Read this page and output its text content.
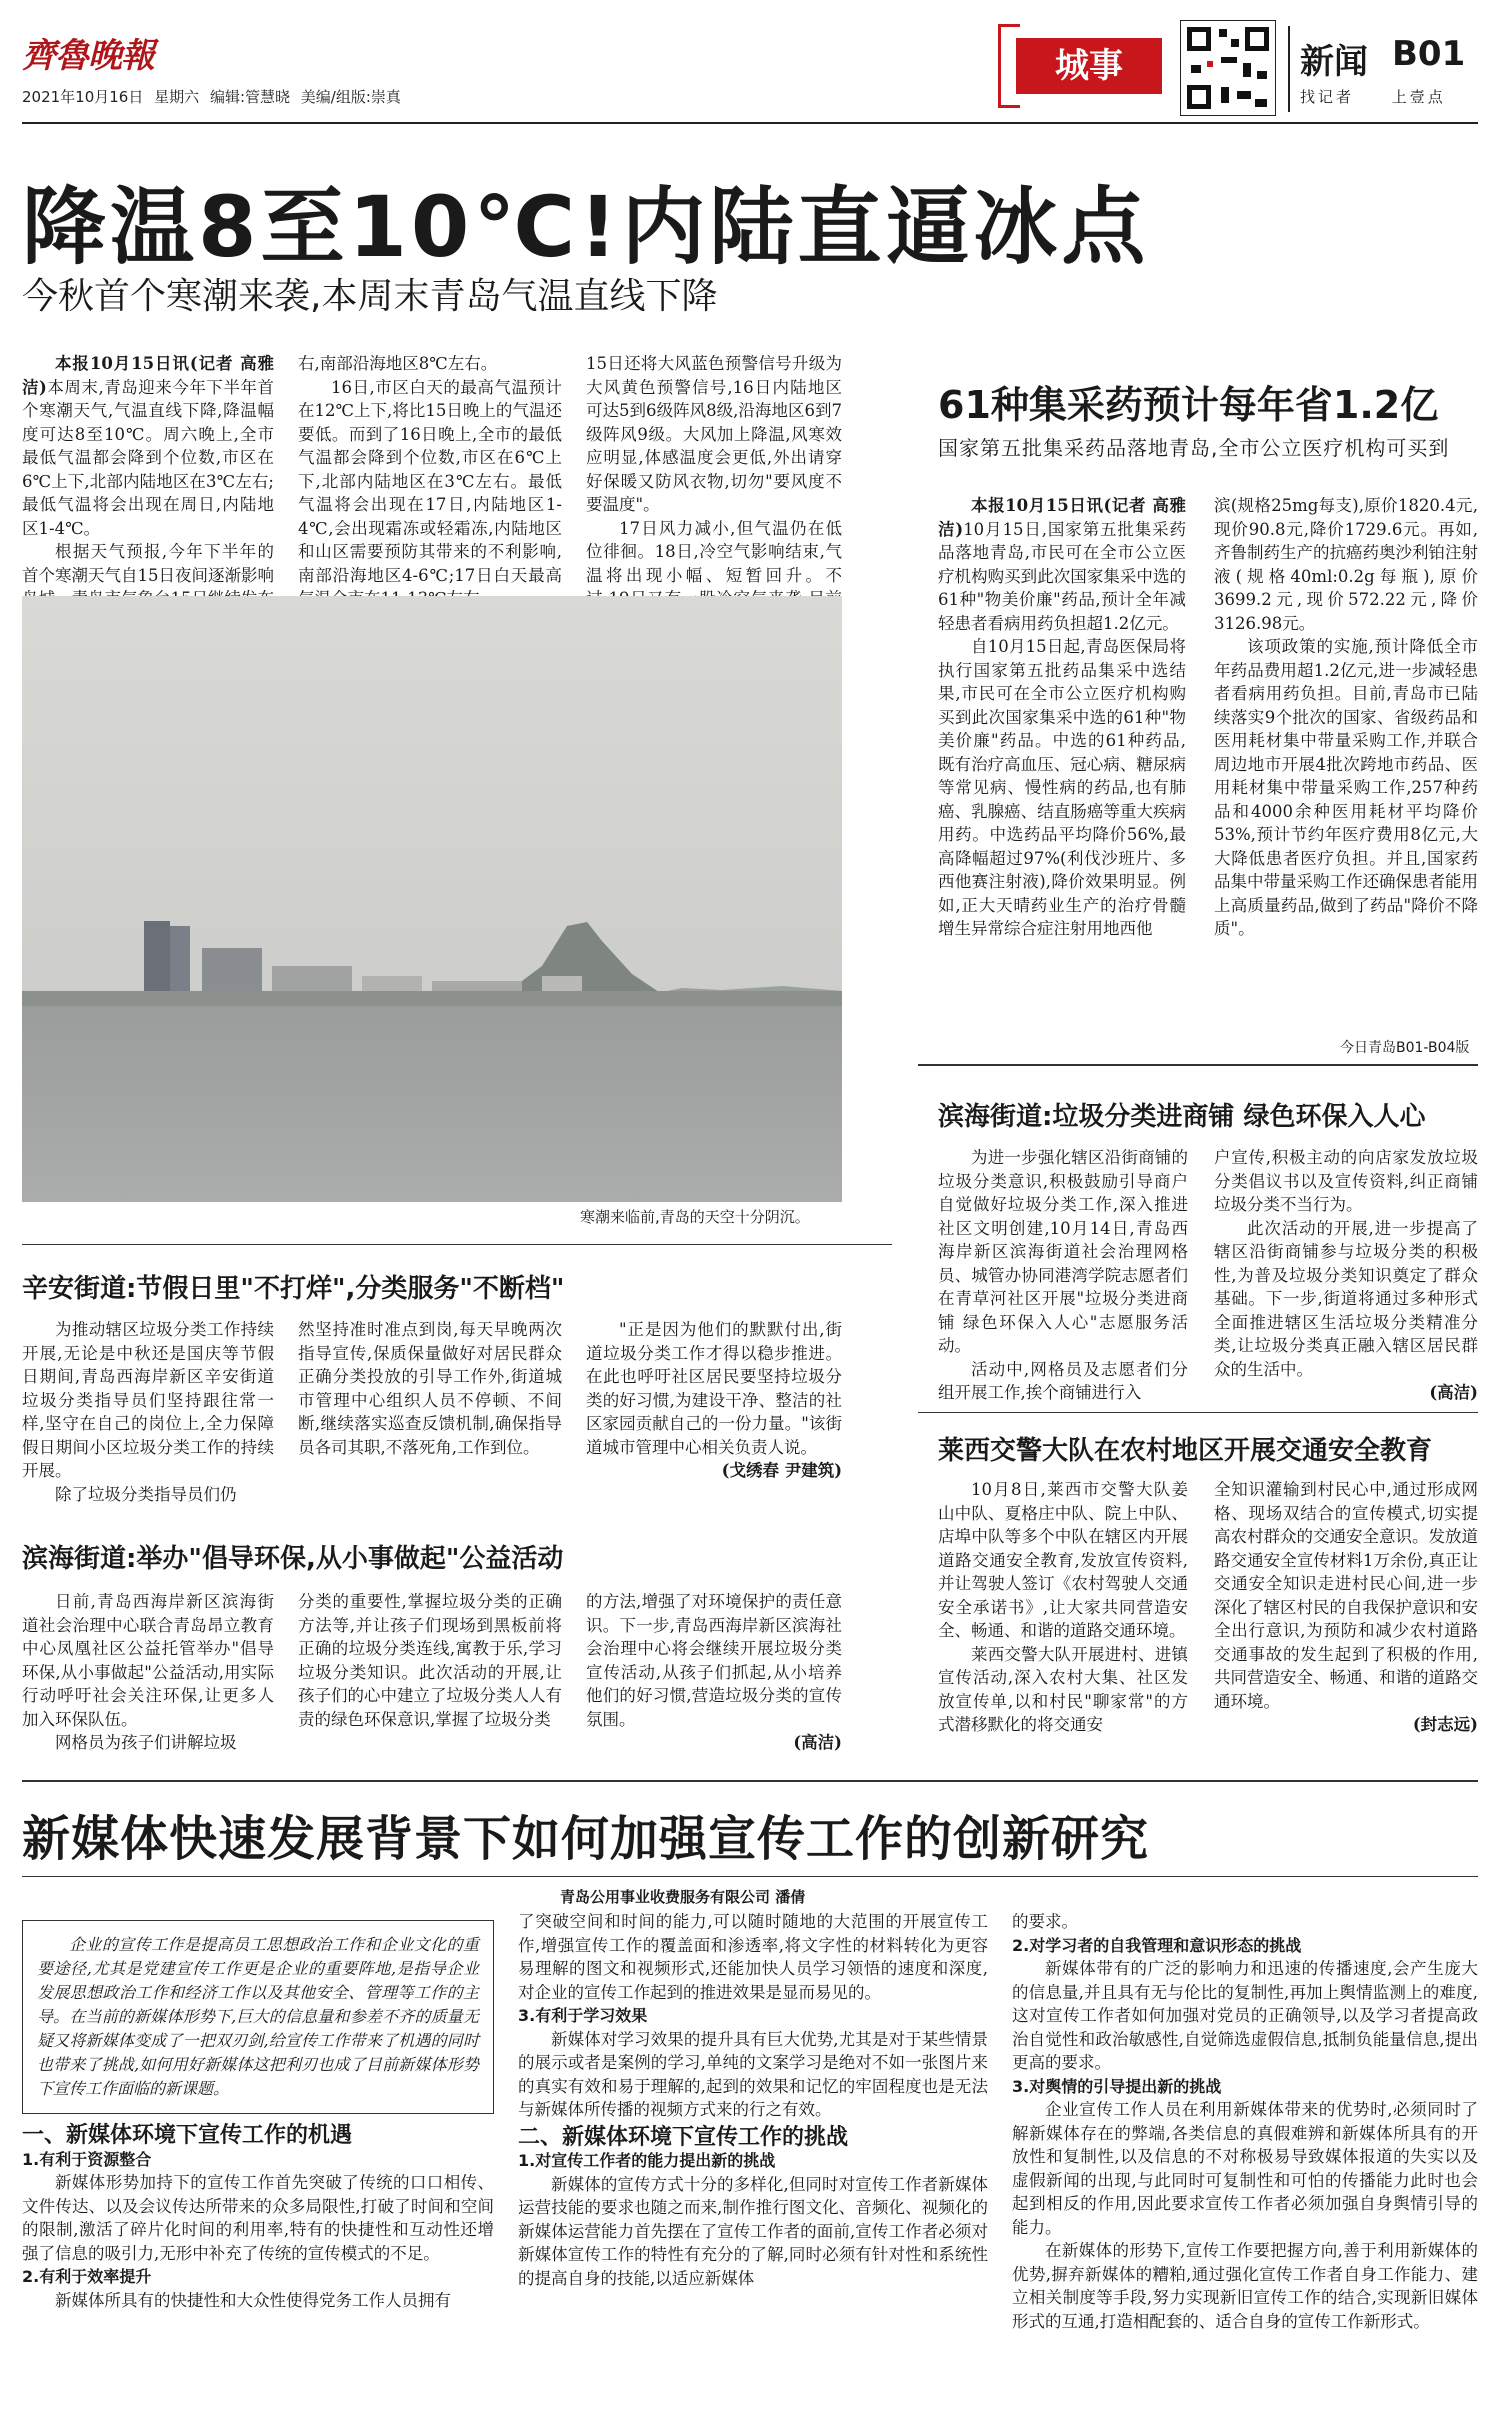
齊魯晚報
2021年10月16日 星期六 编辑:管慧晓 美编/组版:崇真
城事	新闻 B01
找记者	上壹点
降温8至10℃!内陆直逼冰点
今秋首个寒潮来袭,本周末青岛气温直线下降

本报10月15日讯(记者 高雅洁)本周末,青岛迎来今年下半年首个寒潮天气,气温直线下降,降温幅度可达8至10℃。周六晚上,全市最低气温都会降到个位数,市区在6℃上下,北部内陆地区在3℃左右;最低气温将会出现在周日,内陆地区1-4℃。

根据天气预报,今年下半年的首个寒潮天气自15日夜间逐渐影响

右,南部沿海地区8℃左右。

16日,市区白天的最高气温预计在12℃上下,将比15日晚上的气温还要低。而到了16日晚上,全市的最低气温都会降到个位数,市区在6℃上下,北部内陆地区在3℃左右。最低气温将会出现在17日,内陆地区1-4℃,会出现霜冻或轻霜冻,内陆地区和山区需要预防其带来的不利影响,南部沿海地区4-6℃;17日白天最高

15日还将大风蓝色预警信号升级为大风黄色预警信号,16日内陆地区可达5到6级阵风8级,沿海地区6到7级阵风9级。大风加上降温,风寒效应明显,体感温度会更低,外出请穿好保暖又防风衣物,切勿"要风度不要温度"。

17日风力减小,但气温仍在低位徘徊。18日,冷空气影响结束,气温将出现小幅、短暂回升。不

寒潮来临前,青岛的天空十分阴沉。
61种集采药预计每年省1.2亿
国家第五批集采药品落地青岛,全市公立医疗机构可买到

本报10月15日讯(记者 高雅洁)10月15日,国家第五批集采药品落地青岛,市民可在全市公立医疗机构购买到此次国家集采中选的61种"物美价廉"药品,预计全年减轻患者看病用药负担超1.2亿元。

自10月15日起,青岛医保局将执行国家第五批药品集采中选结果,市民可在全市公立医疗机构购买到此次国家集采中选的61种"物美价廉"药品。中选的61种药品,既有治疗高血压、冠心病、糖尿病等常见病、慢性病的药品,也有肺癌、乳腺癌、结直肠癌等重大疾病用药。中选药品平均降价56%,最高降幅超过97%(利伐沙班片、多西他赛注射液),降价效果明显。例如,正大天晴药业生产的治疗骨髓增生异常综合症注射用地西他

滨(规格25mg每支),原价1820.4元,现价90.8元,降价1729.6元。再如,齐鲁制药生产的抗癌药奥沙利铂注射液(规格40ml:0.2g每瓶),原价3699.2元,现价572.22元,降价3126.98元。

该项政策的实施,预计降低全市年药品费用超1.2亿元,进一步减轻患者看病用药负担。目前,青岛市已陆续落实9个批次的国家、省级药品和医用耗材集中带量采购工作,并联合周边地市开展4批次跨地市药品、医用耗材集中带量采购工作,257种药品和4000余种医用耗材平均降价53%,预计节约年医疗费用8亿元,大大降低患者医疗负担。并且,国家药品集中带量采购工作还确保患者能用上高质量药品,做到了药品"降价不降质"。

今日青岛B01-B04版
滨海街道:垃圾分类进商铺 绿色环保入人心

为进一步强化辖区沿街商铺的垃圾分类意识,积极鼓励引导商户自觉做好垃圾分类工作,深入推进社区文明创建,10月14日,青岛西海岸新区滨海街道社会治理网格员、城管办协同港湾学院志愿者们在青草河社区开展"垃圾分类进商铺 绿色环保入人心"志愿服务活动。

活动中,网格员及志愿者们分组开展工作,挨个商铺进行入

户宣传,积极主动的向店家发放垃圾分类倡议书以及宣传资料,纠正商铺垃圾分类不当行为。

此次活动的开展,进一步提高了辖区沿街商铺参与垃圾分类的积极性,为普及垃圾分类知识奠定了群众基础。下一步,街道将通过多种形式全面推进辖区生活垃圾分类精准分类,让垃圾分类真正融入辖区居民群众的生活中。

(高洁)

莱西交警大队在农村地区开展交通安全教育

10月8日,莱西市交警大队姜山中队、夏格庄中队、院上中队、店埠中队等多个中队在辖区内开展道路交通安全教育,发放宣传资料,并让驾驶人签订《农村驾驶人交通安全承诺书》,让大家共同营造安全、畅通、和谐的道路交通环境。

莱西交警大队开展进村、进镇宣传活动,深入农村大集、社区发放宣传单,以和村民"聊家常"的方式潜移默化的将交通安

全知识灌输到村民心中,通过形成网格、现场双结合的宣传模式,切实提高农村群众的交通安全意识。发放道路交通安全宣传材料1万余份,真正让交通安全知识走进村民心间,进一步深化了辖区村民的自我保护意识和安全出行意识,为预防和减少农村道路交通事故的发生起到了积极的作用,共同营造安全、畅通、和谐的道路交通环境。

(封志远)

辛安街道:节假日里"不打烊",分类服务"不断档"

为推动辖区垃圾分类工作持续开展,无论是中秋还是国庆等节假日期间,青岛西海岸新区辛安街道垃圾分类指导员们坚持跟往常一样,坚守在自己的岗位上,全力保障假日期间小区垃圾分类工作的持续开展。

除了垃圾分类指导员们仍

然坚持准时准点到岗,每天早晚两次指导宣传,保质保量做好对居民群众正确分类投放的引导工作外,街道城市管理中心组织人员不停顿、不间断,继续落实巡查反馈机制,确保指导员各司其职,不落死角,工作到位。

"正是因为他们的默默付出,街道垃圾分类工作才得以稳步推进。在此也呼吁社区居民要坚持垃圾分类的好习惯,为建设干净、整洁的社区家园贡献自己的一份力量。"该街道城市管理中心相关负责人说。

(戈绣春 尹建筑)

滨海街道:举办"倡导环保,从小事做起"公益活动

日前,青岛西海岸新区滨海街道社会治理中心联合青岛昂立教育中心凤凰社区公益托管举办"倡导环保,从小事做起"公益活动,用实际行动呼吁社会关注环保,让更多人加入环保队伍。

网格员为孩子们讲解垃圾

分类的重要性,掌握垃圾分类的正确方法等,并让孩子们现场到黑板前将正确的垃圾分类连线,寓教于乐,学习垃圾分类知识。此次活动的开展,让孩子们的心中建立了垃圾分类人人有责的绿色环保意识,掌握了垃圾分类

的方法,增强了对环境保护的责任意识。下一步,青岛西海岸新区滨海社会治理中心将会继续开展垃圾分类宣传活动,从孩子们抓起,从小培养他们的好习惯,营造垃圾分类的宣传氛围。

(高洁)

新媒体快速发展背景下如何加强宣传工作的创新研究
青岛公用事业收费服务有限公司 潘倩
企业的宣传工作是提高员工思想政治工作和企业文化的重要途径,尤其是党建宣传工作更是企业的重要阵地,是指导企业发展思想政治工作和经济工作以及其他安全、管理等工作的主导。在当前的新媒体形势下,巨大的信息量和参差不齐的质量无疑又将新媒体变成了一把双刃剑,给宣传工作带来了机遇的同时也带来了挑战,如何用好新媒体这把利刃也成了目前新媒体形势下宣传工作面临的新课题。

一、新媒体环境下宣传工作的机遇

1.有利于资源整合

新媒体形势加持下的宣传工作首先突破了传统的口口相传、文件传达、以及会议传达所带来的众多局限性,打破了时间和空间的限制,激活了碎片化时间的利用率,特有的快捷性和互动性还增强了信息的吸引力,无形中补充了传统的宣传模式的不足。

2.有利于效率提升

新媒体所具有的快捷性和大众性使得党务工作人员拥有

了突破空间和时间的能力,可以随时随地的大范围的开展宣传工作,增强宣传工作的覆盖面和渗透率,将文字性的材料转化为更容易理解的图文和视频形式,还能加快人员学习领悟的速度和深度,对企业的宣传工作起到的推进效果是显而易见的。

3.有利于学习效果

新媒体对学习效果的提升具有巨大优势,尤其是对于某些情景的展示或者是案例的学习,单纯的文案学习是绝对不如一张图片来的真实有效和易于理解的,起到的效果和记忆的牢固程度也是无法与新媒体所传播的视频方式来的行之有效。

二、新媒体环境下宣传工作的挑战

1.对宣传工作者的能力提出新的挑战

新媒体的宣传方式十分的多样化,但同时对宣传工作者新媒体运营技能的要求也随之而来,制作推行图文化、音频化、视频化的新媒体运营能力首先摆在了宣传工作者的面前,宣传工作者必须对新媒体宣传工作的特性有充分的了解,同时必须有针对性和系统性的提高自身的技能,以适应新媒体

的要求。

2.对学习者的自我管理和意识形态的挑战

新媒体带有的广泛的影响力和迅速的传播速度,会产生庞大的信息量,并且具有无与伦比的复制性,再加上舆情监测上的难度,这对宣传工作者如何加强对党员的正确领导,以及学习者提高政治自觉性和政治敏感性,自觉筛选虚假信息,抵制负能量信息,提出更高的要求。

3.对舆情的引导提出新的挑战

企业宣传工作人员在利用新媒体带来的优势时,必须同时了解新媒体存在的弊端,各类信息的真假难辨和新媒体所具有的开放性和复制性,以及信息的不对称极易导致媒体报道的失实以及虚假新闻的出现,与此同时可复制性和可怕的传播能力此时也会起到相反的作用,因此要求宣传工作者必须加强自身舆情引导的能力。

在新媒体的形势下,宣传工作要把握方向,善于利用新媒体的优势,摒弃新媒体的糟粕,通过强化宣传工作者自身工作能力、建立相关制度等手段,努力实现新旧宣传工作的结合,实现新旧媒体形式的互通,打造相配套的、适合自身的宣传工作新形式。
